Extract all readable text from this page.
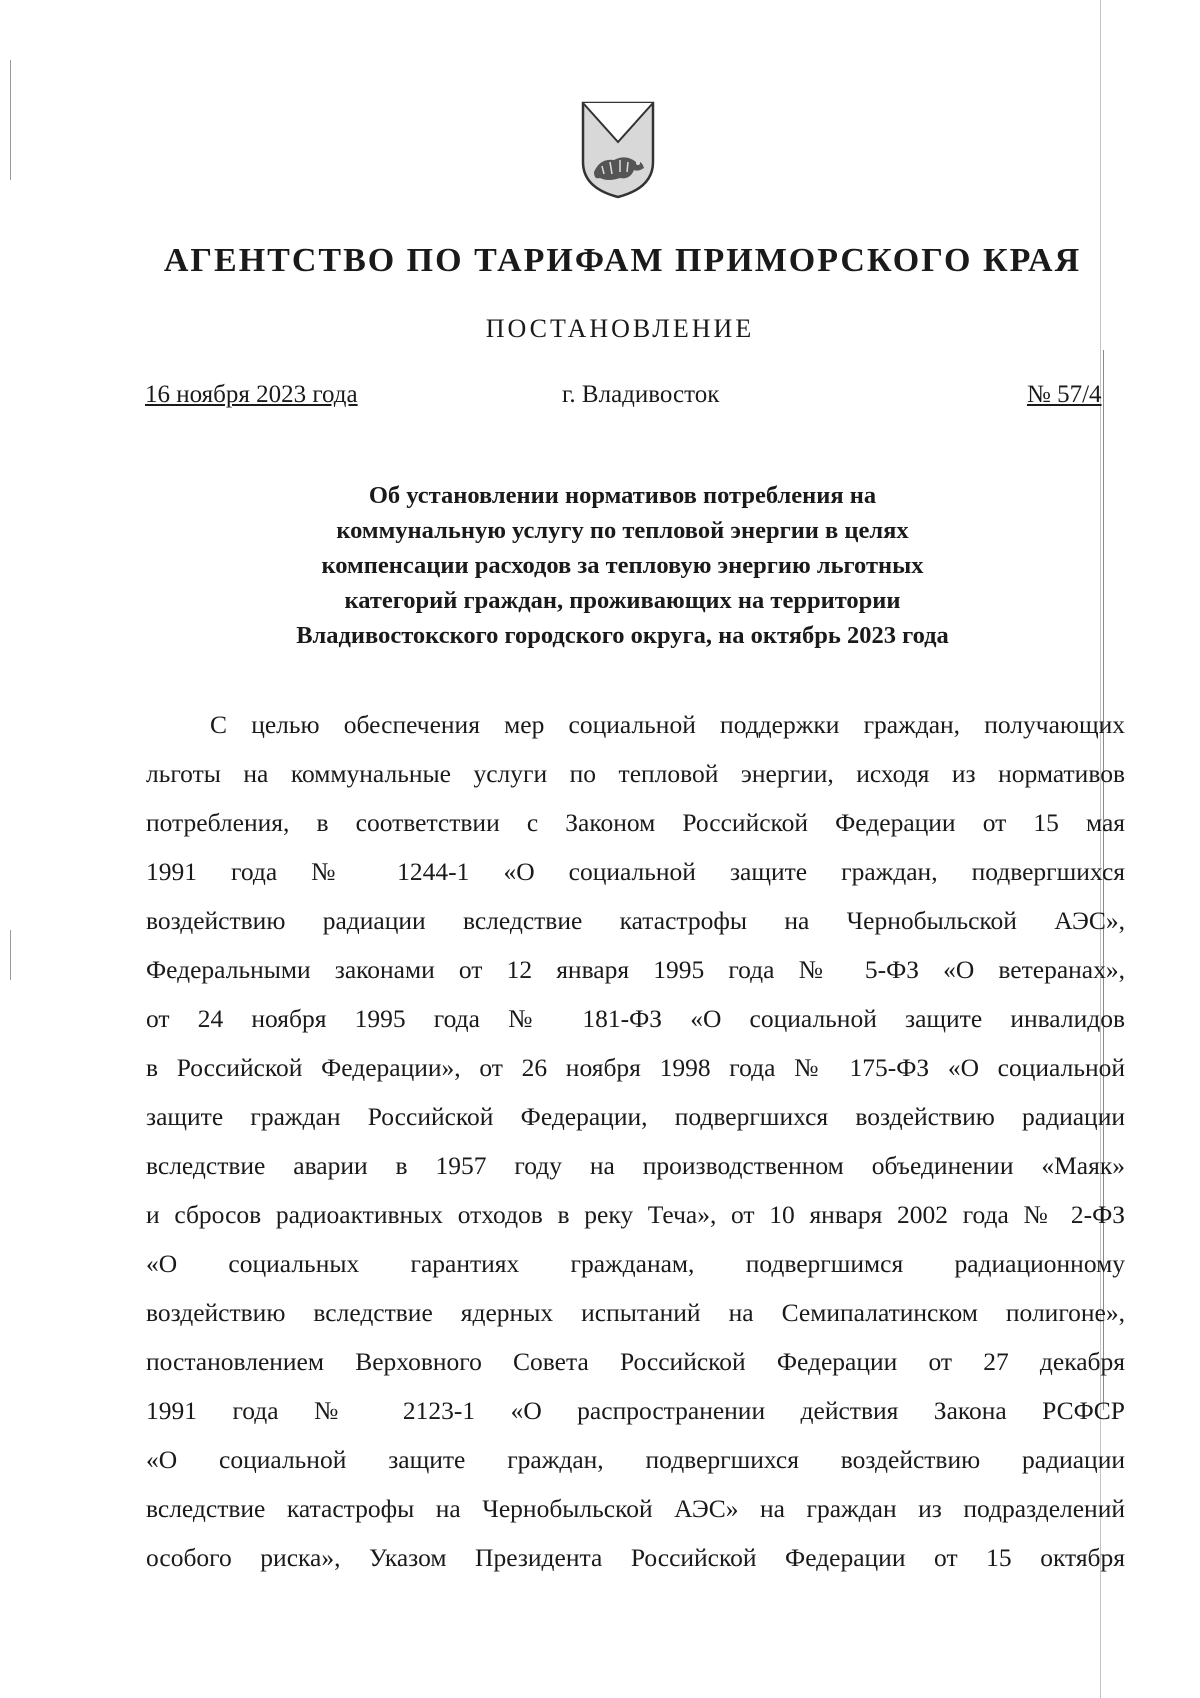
АГЕНТСТВО ПО ТАРИФАМ ПРИМОРСКОГО КРАЯ
ПОСТАНОВЛЕНИЕ
16 ноября 2023 года	г. Владивосток	№ 57/4
Об установлении нормативов потребления на
коммунальную услугу по тепловой энергии в целях
компенсации расходов за тепловую энергию льготных
категорий граждан, проживающих на территории
Владивостокского городского округа, на октябрь 2023 года
С целью обеспечения мер социальной поддержки граждан, получающих
льготы на коммунальные услуги по тепловой энергии, исходя из нормативов
потребления, в соответствии с Законом Российской Федерации от 15 мая
1991 года № 1244-1 «О социальной защите граждан, подвергшихся
воздействию радиации вследствие катастрофы на Чернобыльской АЭС»,
Федеральными законами от 12 января 1995 года № 5-ФЗ «О ветеранах»,
от 24 ноября 1995 года № 181-ФЗ «О социальной защите инвалидов
в Российской Федерации», от 26 ноября 1998 года № 175-ФЗ «О социальной
защите граждан Российской Федерации, подвергшихся воздействию радиации
вследствие аварии в 1957 году на производственном объединении «Маяк»
и сбросов радиоактивных отходов в реку Теча», от 10 января 2002 года № 2-ФЗ
«О социальных гарантиях гражданам, подвергшимся радиационному
воздействию вследствие ядерных испытаний на Семипалатинском полигоне»,
постановлением Верховного Совета Российской Федерации от 27 декабря
1991 года № 2123-1 «О распространении действия Закона РСФСР
«О социальной защите граждан, подвергшихся воздействию радиации
вследствие катастрофы на Чернобыльской АЭС» на граждан из подразделений
особого риска», Указом Президента Российской Федерации от 15 октября
